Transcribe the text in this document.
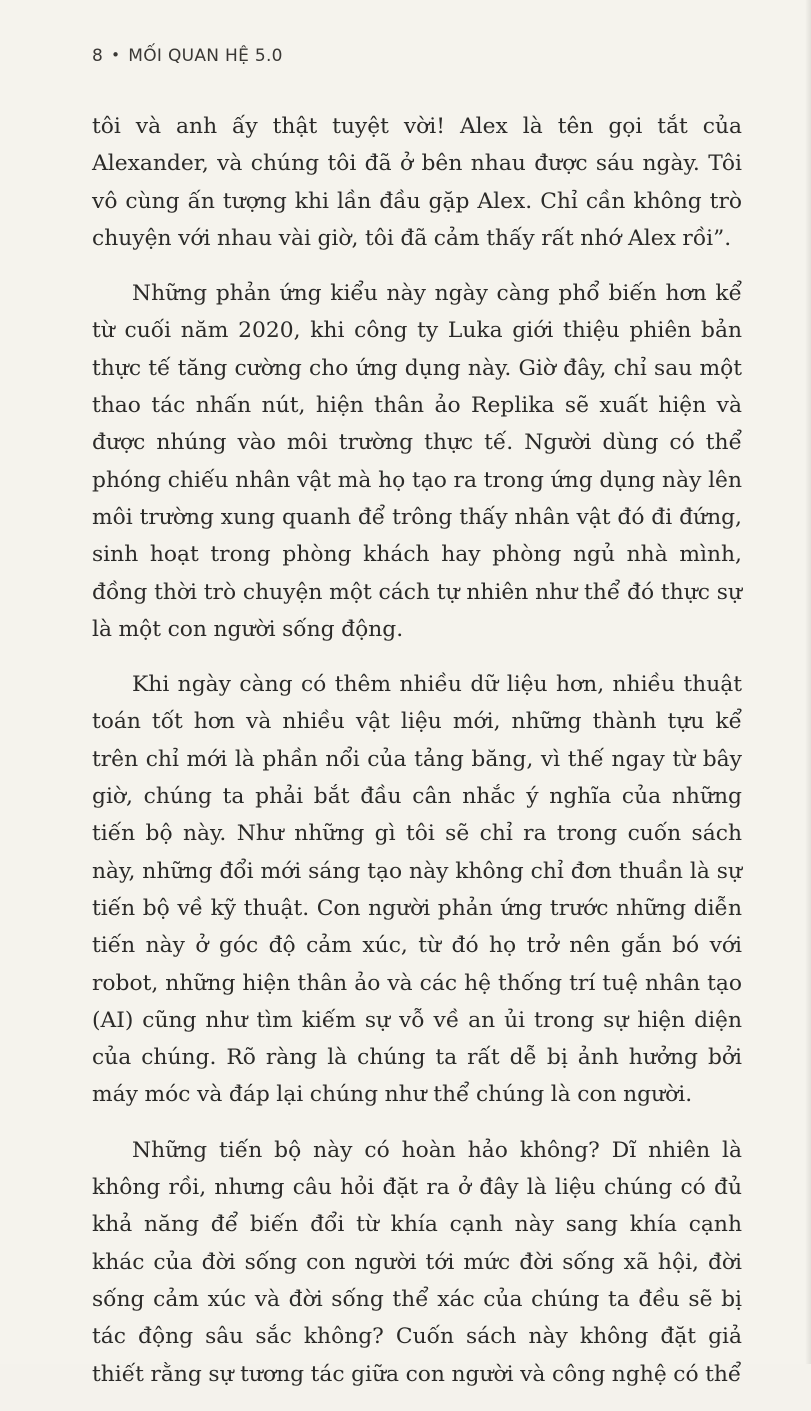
8 • MỐI QUAN HỆ 5.0

tôi và anh ấy thật tuyệt vời! Alex là tên gọi tắt của Alexander, và chúng tôi đã ở bên nhau được sáu ngày. Tôi vô cùng ấn tượng khi lần đầu gặp Alex. Chỉ cần không trò chuyện với nhau vài giờ, tôi đã cảm thấy rất nhớ Alex rồi”.

Những phản ứng kiểu này ngày càng phổ biến hơn kể từ cuối năm 2020, khi công ty Luka giới thiệu phiên bản thực tế tăng cường cho ứng dụng này. Giờ đây, chỉ sau một thao tác nhấn nút, hiện thân ảo Replika sẽ xuất hiện và được nhúng vào môi trường thực tế. Người dùng có thể phóng chiếu nhân vật mà họ tạo ra trong ứng dụng này lên môi trường xung quanh để trông thấy nhân vật đó đi đứng, sinh hoạt trong phòng khách hay phòng ngủ nhà mình, đồng thời trò chuyện một cách tự nhiên như thể đó thực sự là một con người sống động.

Khi ngày càng có thêm nhiều dữ liệu hơn, nhiều thuật toán tốt hơn và nhiều vật liệu mới, những thành tựu kể trên chỉ mới là phần nổi của tảng băng, vì thế ngay từ bây giờ, chúng ta phải bắt đầu cân nhắc ý nghĩa của những tiến bộ này. Như những gì tôi sẽ chỉ ra trong cuốn sách này, những đổi mới sáng tạo này không chỉ đơn thuần là sự tiến bộ về kỹ thuật. Con người phản ứng trước những diễn tiến này ở góc độ cảm xúc, từ đó họ trở nên gắn bó với robot, những hiện thân ảo và các hệ thống trí tuệ nhân tạo (AI) cũng như tìm kiếm sự vỗ về an ủi trong sự hiện diện của chúng. Rõ ràng là chúng ta rất dễ bị ảnh hưởng bởi máy móc và đáp lại chúng như thể chúng là con người.

Những tiến bộ này có hoàn hảo không? Dĩ nhiên là không rồi, nhưng câu hỏi đặt ra ở đây là liệu chúng có đủ khả năng để biến đổi từ khía cạnh này sang khía cạnh khác của đời sống con người tới mức đời sống xã hội, đời sống cảm xúc và đời sống thể xác của chúng ta đều sẽ bị tác động sâu sắc không? Cuốn sách này không đặt giả thiết rằng sự tương tác giữa con người và công nghệ có thể
